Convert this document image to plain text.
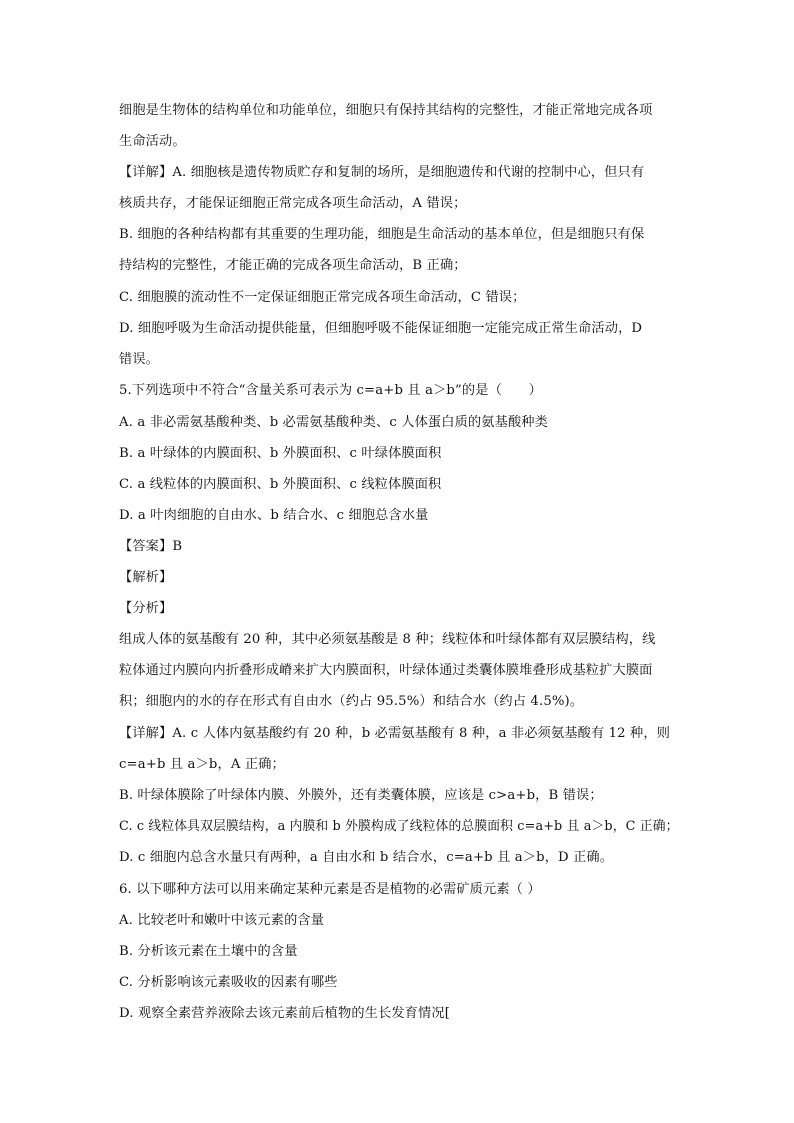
细胞是生物体的结构单位和功能单位，细胞只有保持其结构的完整性，才能正常地完成各项
生命活动。
【详解】A. 细胞核是遗传物质贮存和复制的场所，是细胞遗传和代谢的控制中心，但只有
核质共存，才能保证细胞正常完成各项生命活动，A 错误；
B. 细胞的各种结构都有其重要的生理功能，细胞是生命活动的基本单位，但是细胞只有保
持结构的完整性，才能正确的完成各项生命活动，B 正确；
C. 细胞膜的流动性不一定保证细胞正常完成各项生命活动，C 错误；
D. 细胞呼吸为生命活动提供能量，但细胞呼吸不能保证细胞一定能完成正常生命活动，D
错误。
5.下列选项中不符合“含量关系可表示为 c=a+b 且 a＞b”的是（　　）
A. a 非必需氨基酸种类、b 必需氨基酸种类、c 人体蛋白质的氨基酸种类
B. a 叶绿体的内膜面积、b 外膜面积、c 叶绿体膜面积
C. a 线粒体的内膜面积、b 外膜面积、c 线粒体膜面积
D. a 叶肉细胞的自由水、b 结合水、c 细胞总含水量
【答案】B
【解析】
【分析】
组成人体的氨基酸有 20 种，其中必须氨基酸是 8 种；线粒体和叶绿体都有双层膜结构，线
粒体通过内膜向内折叠形成嵴来扩大内膜面积，叶绿体通过类囊体膜堆叠形成基粒扩大膜面
积；细胞内的水的存在形式有自由水（约占 95.5%）和结合水（约占 4.5%)。
【详解】A. c 人体内氨基酸约有 20 种，b 必需氨基酸有 8 种，a 非必须氨基酸有 12 种，则
c=a+b 且 a＞b，A 正确；
B. 叶绿体膜除了叶绿体内膜、外膜外，还有类囊体膜，应该是 c>a+b，B 错误；
C. c 线粒体具双层膜结构，a 内膜和 b 外膜构成了线粒体的总膜面积 c=a+b 且 a＞b，C 正确；
D. c 细胞内总含水量只有两种，a 自由水和 b 结合水，c=a+b 且 a＞b，D 正确。
6. 以下哪种方法可以用来确定某种元素是否是植物的必需矿质元素（ ）
A. 比较老叶和嫩叶中该元素的含量
B. 分析该元素在土壤中的含量
C. 分析影响该元素吸收的因素有哪些
D. 观察全素营养液除去该元素前后植物的生长发育情况[
